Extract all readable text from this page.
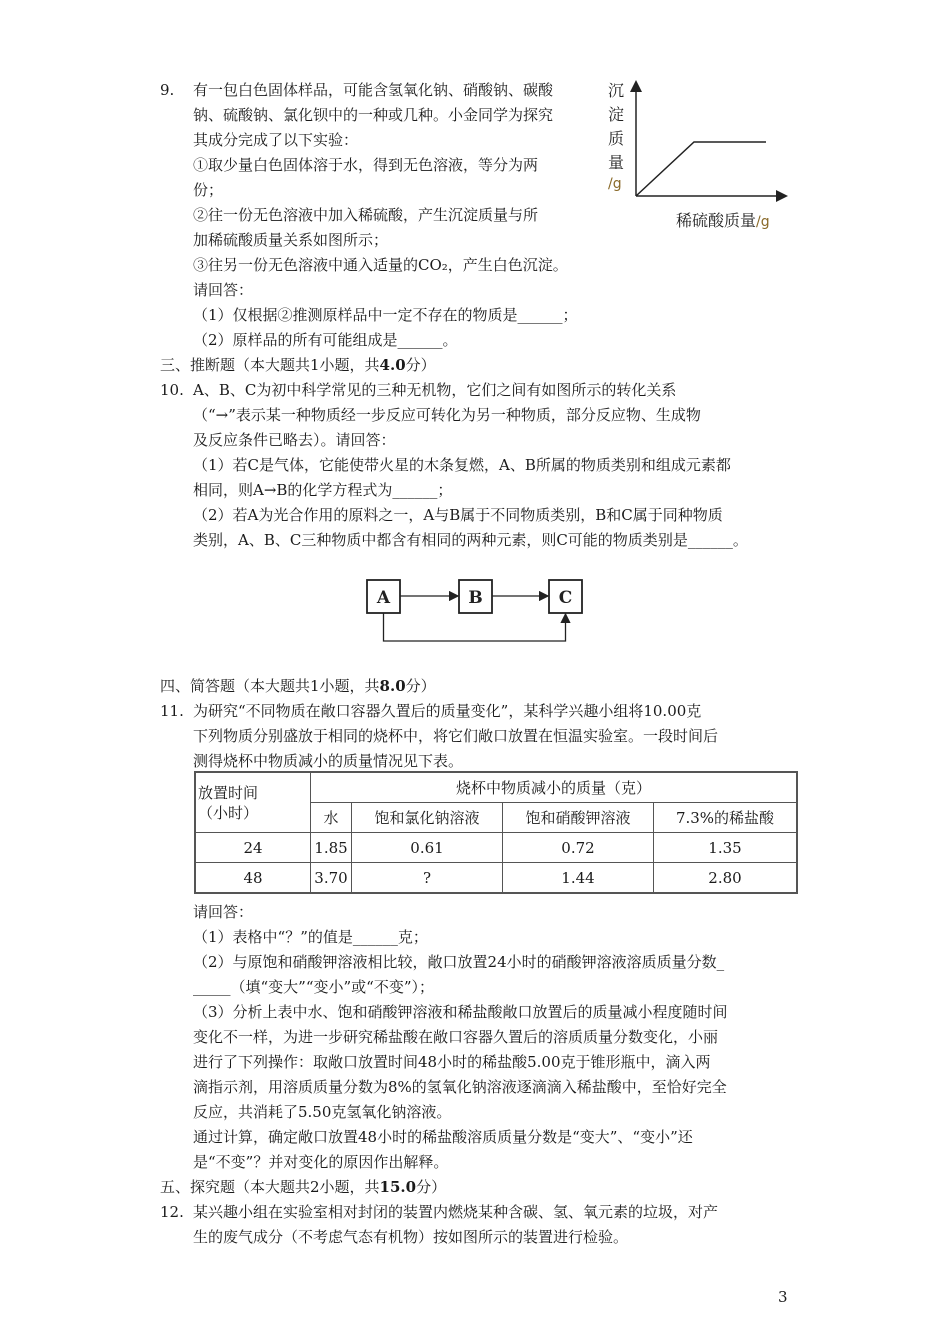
9. 有一包白色固体样品，可能含氢氧化钠、硝酸钠、碳酸
钠、硫酸钠、氯化钡中的一种或几种。小金同学为探究
其成分完成了以下实验：
①取少量白色固体溶于水，得到无色溶液，等分为两
份；
②往一份无色溶液中加入稀硫酸，产生沉淀质量与所
加稀硫酸质量关系如图所示；
③往另一份无色溶液中通入适量的CO₂，产生白色沉淀。
请回答：
（1）仅根据②推测原样品中一定不存在的物质是______；
（2）原样品的所有可能组成是______。
沉
淀
质
量
/g
稀硫酸质量/g
三、推断题（本大题共1小题，共4.0分）
10. A、B、C为初中科学常见的三种无机物，它们之间有如图所示的转化关系
（“→”表示某一种物质经一步反应可转化为另一种物质，部分反应物、生成物
及反应条件已略去）。请回答：
（1）若C是气体，它能使带火星的木条复燃，A、B所属的物质类别和组成元素都
相同，则A→B的化学方程式为______；
（2）若A为光合作用的原料之一，A与B属于不同物质类别，B和C属于同种物质
类别，A、B、C三种物质中都含有相同的两种元素，则C可能的物质类别是______。
A	B	C
四、简答题（本大题共1小题，共8.0分）
11. 为研究“不同物质在敞口容器久置后的质量变化”，某科学兴趣小组将10.00克
下列物质分别盛放于相同的烧杯中，将它们敞口放置在恒温实验室。一段时间后
测得烧杯中物质减小的质量情况见下表。
放置时间
（小时）	烧杯中物质减小的质量（克）			
	水	饱和氯化钠溶液	饱和硝酸钾溶液	7.3%的稀盐酸
24	1.85	0.61	0.72	1.35
48	3.70	?	1.44	2.80
请回答：
（1）表格中“？”的值是______克；
（2）与原饱和硝酸钾溶液相比较，敞口放置24小时的硝酸钾溶液溶质质量分数_
_____（填“变大”“变小”或“不变”）；
（3）分析上表中水、饱和硝酸钾溶液和稀盐酸敞口放置后的质量减小程度随时间
变化不一样，为进一步研究稀盐酸在敞口容器久置后的溶质质量分数变化，小丽
进行了下列操作：取敞口放置时间48小时的稀盐酸5.00克于锥形瓶中，滴入两
滴指示剂，用溶质质量分数为8%的氢氧化钠溶液逐滴滴入稀盐酸中，至恰好完全
反应，共消耗了5.50克氢氧化钠溶液。
通过计算，确定敞口放置48小时的稀盐酸溶质质量分数是“变大”、“变小”还
是“不变”？并对变化的原因作出解释。
五、探究题（本大题共2小题，共15.0分）
12. 某兴趣小组在实验室相对封闭的装置内燃烧某种含碳、氢、氧元素的垃圾，对产
生的废气成分（不考虑气态有机物）按如图所示的装置进行检验。
3
